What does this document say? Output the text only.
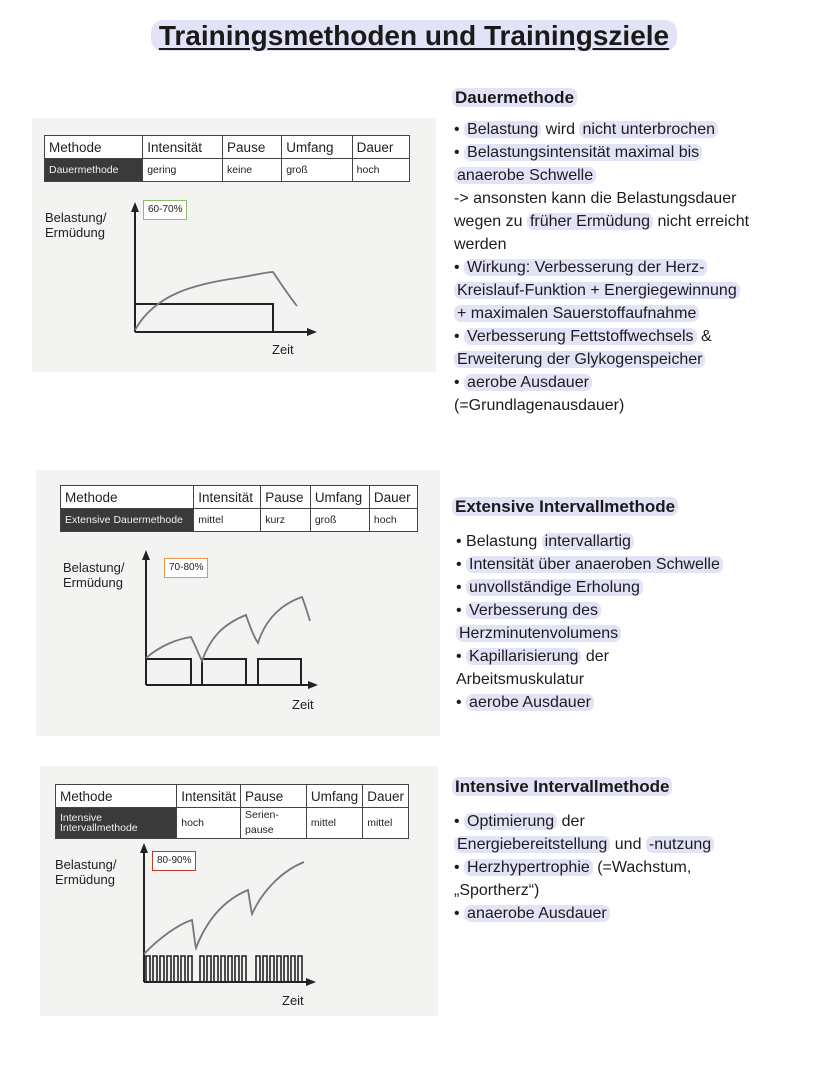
Trainingsmethoden und Trainingsziele
Methode	Intensität	Pause	Umfang	Dauer
Dauermethode	gering	keine	groß	hoch
Belastung/
Ermüdung
60-70%
Zeit
Dauermethode
• Belastung wird nicht unterbrochen
• Belastungsintensität maximal bis
anaerobe Schwelle
-> ansonsten kann die Belastungsdauer
wegen zu früher Ermüdung nicht erreicht
werden
• Wirkung: Verbesserung der Herz-
Kreislauf-Funktion + Energiegewinnung
+ maximalen Sauerstoffaufnahme
• Verbesserung Fettstoffwechsels &
Erweiterung der Glykogenspeicher
• aerobe Ausdauer
(=Grundlagenausdauer)
Methode	Intensität	Pause	Umfang	Dauer
Extensive Dauermethode	mittel	kurz	groß	hoch
Belastung/
Ermüdung
70-80%
Zeit
Extensive Intervallmethode
• Belastung intervallartig
• Intensität über anaeroben Schwelle
• unvollständige Erholung
• Verbesserung des
Herzminutenvolumens
• Kapillarisierung der
Arbeitsmuskulatur
• aerobe Ausdauer
Methode	Intensität	Pause	Umfang	Dauer
Intensive Intervallmethode	hoch	Serien-pause	mittel	mittel
Belastung/
Ermüdung
80-90%
Zeit
Intensive Intervallmethode
• Optimierung der
Energiebereitstellung und -nutzung
• Herzhypertrophie (=Wachstum,
„Sportherz“)
• anaerobe Ausdauer
